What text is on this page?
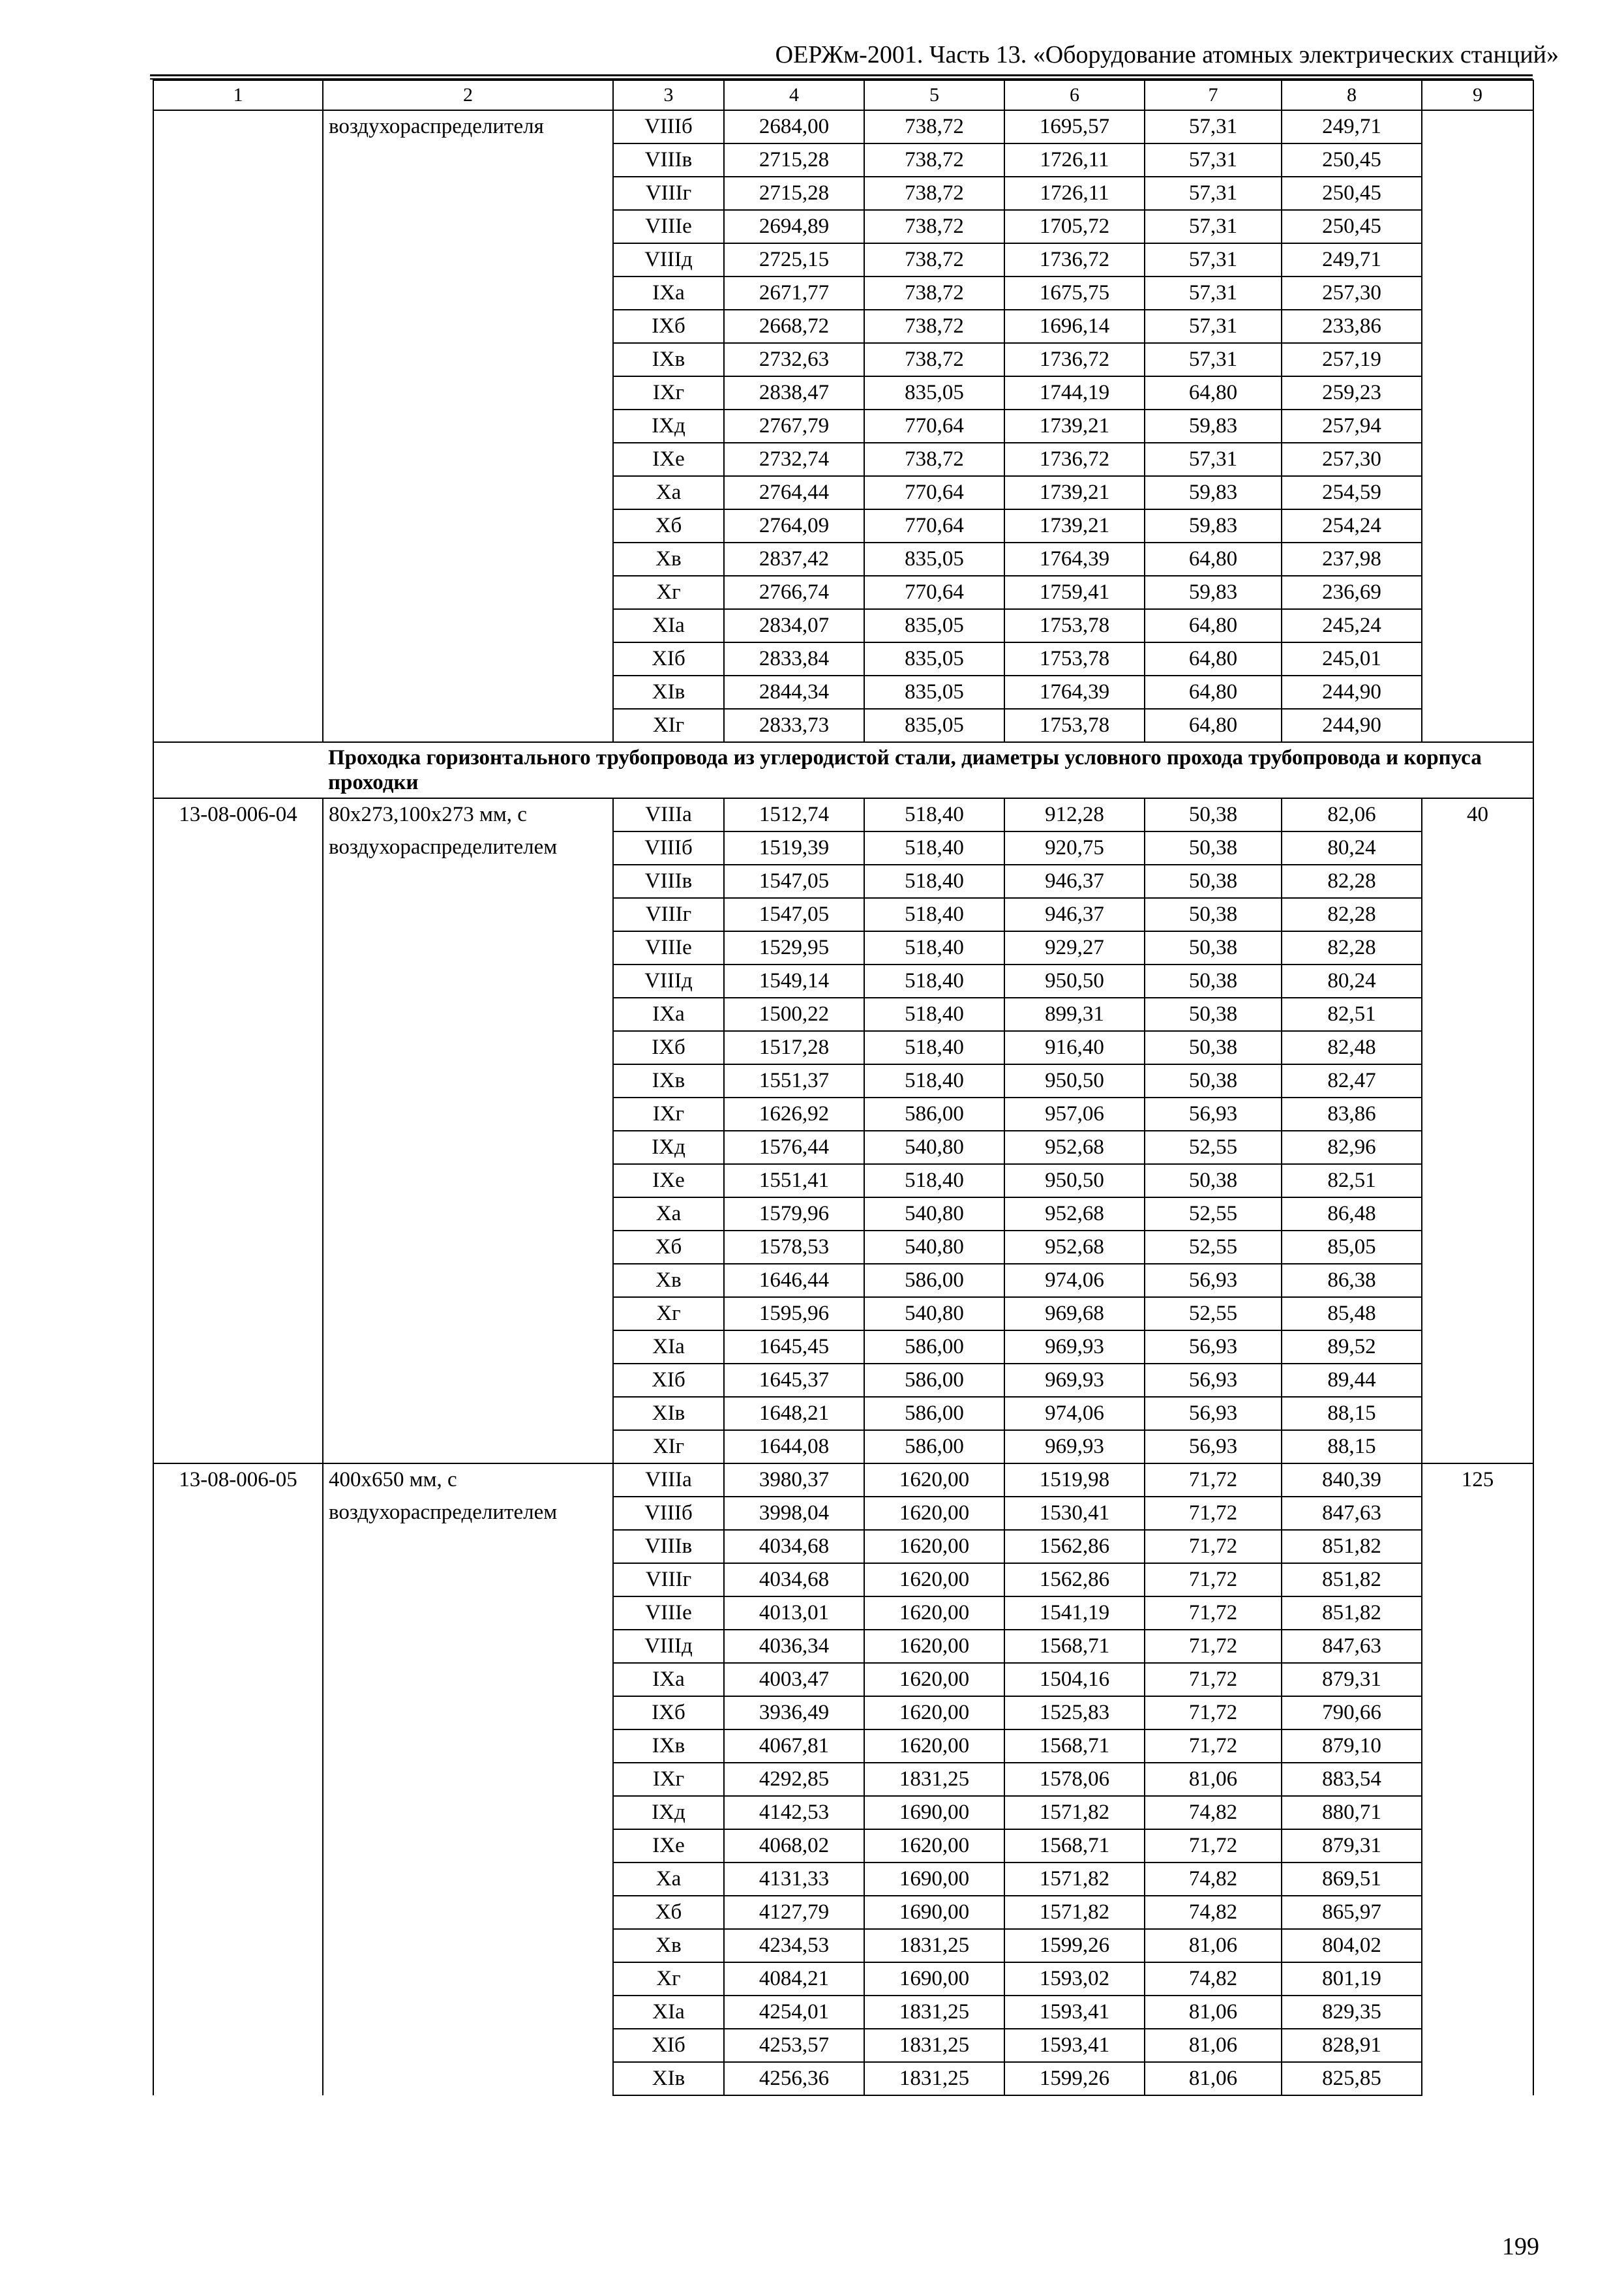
ОЕРЖм-2001. Часть 13. «Оборудование атомных электрических станций»
1	2	3	4	5	6	7	8	9
	воздухораспределителя	VIIIб	2684,00	738,72	1695,57	57,31	249,71	
		VIIIв	2715,28	738,72	1726,11	57,31	250,45	
		VIIIг	2715,28	738,72	1726,11	57,31	250,45	
		VIIIе	2694,89	738,72	1705,72	57,31	250,45	
		VIIIд	2725,15	738,72	1736,72	57,31	249,71	
		IXа	2671,77	738,72	1675,75	57,31	257,30	
		IXб	2668,72	738,72	1696,14	57,31	233,86	
		IXв	2732,63	738,72	1736,72	57,31	257,19	
		IXг	2838,47	835,05	1744,19	64,80	259,23	
		IXд	2767,79	770,64	1739,21	59,83	257,94	
		IXе	2732,74	738,72	1736,72	57,31	257,30	
		Xа	2764,44	770,64	1739,21	59,83	254,59	
		Xб	2764,09	770,64	1739,21	59,83	254,24	
		Xв	2837,42	835,05	1764,39	64,80	237,98	
		Xг	2766,74	770,64	1759,41	59,83	236,69	
		XIа	2834,07	835,05	1753,78	64,80	245,24	
		XIб	2833,84	835,05	1753,78	64,80	245,01	
		XIв	2844,34	835,05	1764,39	64,80	244,90	
		XIг	2833,73	835,05	1753,78	64,80	244,90	
	Проходка горизонтального трубопровода из углеродистой стали, диаметры условного прохода трубопровода и корпуса проходки							
13-08-006-04	80x273,100x273 мм, с	VIIIа	1512,74	518,40	912,28	50,38	82,06	40
	воздухораспределителем	VIIIб	1519,39	518,40	920,75	50,38	80,24	
		VIIIв	1547,05	518,40	946,37	50,38	82,28	
		VIIIг	1547,05	518,40	946,37	50,38	82,28	
		VIIIе	1529,95	518,40	929,27	50,38	82,28	
		VIIIд	1549,14	518,40	950,50	50,38	80,24	
		IXа	1500,22	518,40	899,31	50,38	82,51	
		IXб	1517,28	518,40	916,40	50,38	82,48	
		IXв	1551,37	518,40	950,50	50,38	82,47	
		IXг	1626,92	586,00	957,06	56,93	83,86	
		IXд	1576,44	540,80	952,68	52,55	82,96	
		IXе	1551,41	518,40	950,50	50,38	82,51	
		Xа	1579,96	540,80	952,68	52,55	86,48	
		Xб	1578,53	540,80	952,68	52,55	85,05	
		Xв	1646,44	586,00	974,06	56,93	86,38	
		Xг	1595,96	540,80	969,68	52,55	85,48	
		XIа	1645,45	586,00	969,93	56,93	89,52	
		XIб	1645,37	586,00	969,93	56,93	89,44	
		XIв	1648,21	586,00	974,06	56,93	88,15	
		XIг	1644,08	586,00	969,93	56,93	88,15	
13-08-006-05	400x650 мм, с	VIIIа	3980,37	1620,00	1519,98	71,72	840,39	125
	воздухораспределителем	VIIIб	3998,04	1620,00	1530,41	71,72	847,63	
		VIIIв	4034,68	1620,00	1562,86	71,72	851,82	
		VIIIг	4034,68	1620,00	1562,86	71,72	851,82	
		VIIIе	4013,01	1620,00	1541,19	71,72	851,82	
		VIIIд	4036,34	1620,00	1568,71	71,72	847,63	
		IXа	4003,47	1620,00	1504,16	71,72	879,31	
		IXб	3936,49	1620,00	1525,83	71,72	790,66	
		IXв	4067,81	1620,00	1568,71	71,72	879,10	
		IXг	4292,85	1831,25	1578,06	81,06	883,54	
		IXд	4142,53	1690,00	1571,82	74,82	880,71	
		IXе	4068,02	1620,00	1568,71	71,72	879,31	
		Xа	4131,33	1690,00	1571,82	74,82	869,51	
		Xб	4127,79	1690,00	1571,82	74,82	865,97	
		Xв	4234,53	1831,25	1599,26	81,06	804,02	
		Xг	4084,21	1690,00	1593,02	74,82	801,19	
		XIа	4254,01	1831,25	1593,41	81,06	829,35	
		XIб	4253,57	1831,25	1593,41	81,06	828,91	
		XIв	4256,36	1831,25	1599,26	81,06	825,85	
199
